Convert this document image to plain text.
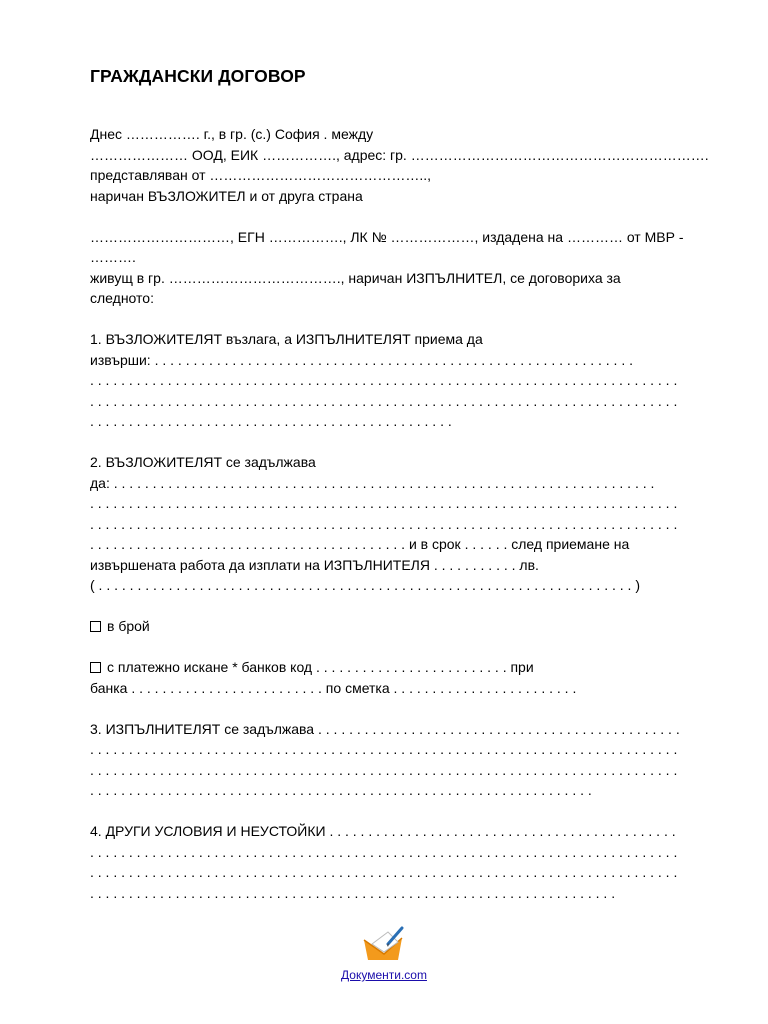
ГРАЖДАНСКИ ДОГОВОР
Днес ……………. г., в гр. (с.) София . между
………………… ООД, ЕИК ……………., адрес: гр. ……………………………………………………….
представляван от ………………………………………..,
наричан ВЪЗЛОЖИТЕЛ и от друга страна
…………………………, ЕГН ……………., ЛК № ………………, издадена на ………… от МВР -
……….
живущ в гр. ………………………………., наричан ИЗПЪЛНИТЕЛ, се договориха за
следното:
1. ВЪЗЛОЖИТЕЛЯТ възлага, а ИЗПЪЛНИТЕЛЯТ приема да
извърши: . . . . . . . . . . . . . . . . . . . . . . . . . . . . . . . . . . . . . . . . . . . . . . . . . . . . . . . . . . . . . .
. . . . . . . . . . . . . . . . . . . . . . . . . . . . . . . . . . . . . . . . . . . . . . . . . . . . . . . . . . . . . . . . . . . . . . . . . . . .
. . . . . . . . . . . . . . . . . . . . . . . . . . . . . . . . . . . . . . . . . . . . . . . . . . . . . . . . . . . . . . . . . . . . . . . . . . . .
. . . . . . . . . . . . . . . . . . . . . . . . . . . . . . . . . . . . . . . . . . . . . . .
2. ВЪЗЛОЖИТЕЛЯТ се задължава
да: . . . . . . . . . . . . . . . . . . . . . . . . . . . . . . . . . . . . . . . . . . . . . . . . . . . . . . . . . . . . . . . . . . . . . .
. . . . . . . . . . . . . . . . . . . . . . . . . . . . . . . . . . . . . . . . . . . . . . . . . . . . . . . . . . . . . . . . . . . . . . . . . . . .
. . . . . . . . . . . . . . . . . . . . . . . . . . . . . . . . . . . . . . . . . . . . . . . . . . . . . . . . . . . . . . . . . . . . . . . . . . . .
. . . . . . . . . . . . . . . . . . . . . . . . . . . . . . . . . . . . . . . . . и в срок . . . . . . след приемане на
извършената работа да изплати на ИЗПЪЛНИТЕЛЯ . . . . . . . . . . . лв.
( . . . . . . . . . . . . . . . . . . . . . . . . . . . . . . . . . . . . . . . . . . . . . . . . . . . . . . . . . . . . . . . . . . . . . )
в брой
с платежно искане * банков код . . . . . . . . . . . . . . . . . . . . . . . . . при
банка . . . . . . . . . . . . . . . . . . . . . . . . . по сметка . . . . . . . . . . . . . . . . . . . . . . . .
3. ИЗПЪЛНИТЕЛЯТ се задължава . . . . . . . . . . . . . . . . . . . . . . . . . . . . . . . . . . . . . . . . . . . . . . .
. . . . . . . . . . . . . . . . . . . . . . . . . . . . . . . . . . . . . . . . . . . . . . . . . . . . . . . . . . . . . . . . . . . . . . . . . . . .
. . . . . . . . . . . . . . . . . . . . . . . . . . . . . . . . . . . . . . . . . . . . . . . . . . . . . . . . . . . . . . . . . . . . . . . . . . . .
. . . . . . . . . . . . . . . . . . . . . . . . . . . . . . . . . . . . . . . . . . . . . . . . . . . . . . . . . . . . . . . . .
4. ДРУГИ УСЛОВИЯ И НЕУСТОЙКИ . . . . . . . . . . . . . . . . . . . . . . . . . . . . . . . . . . . . . . . . . . . . .
. . . . . . . . . . . . . . . . . . . . . . . . . . . . . . . . . . . . . . . . . . . . . . . . . . . . . . . . . . . . . . . . . . . . . . . . . . . .
. . . . . . . . . . . . . . . . . . . . . . . . . . . . . . . . . . . . . . . . . . . . . . . . . . . . . . . . . . . . . . . . . . . . . . . . . . . .
. . . . . . . . . . . . . . . . . . . . . . . . . . . . . . . . . . . . . . . . . . . . . . . . . . . . . . . . . . . . . . . . . . . .
Документи.com
